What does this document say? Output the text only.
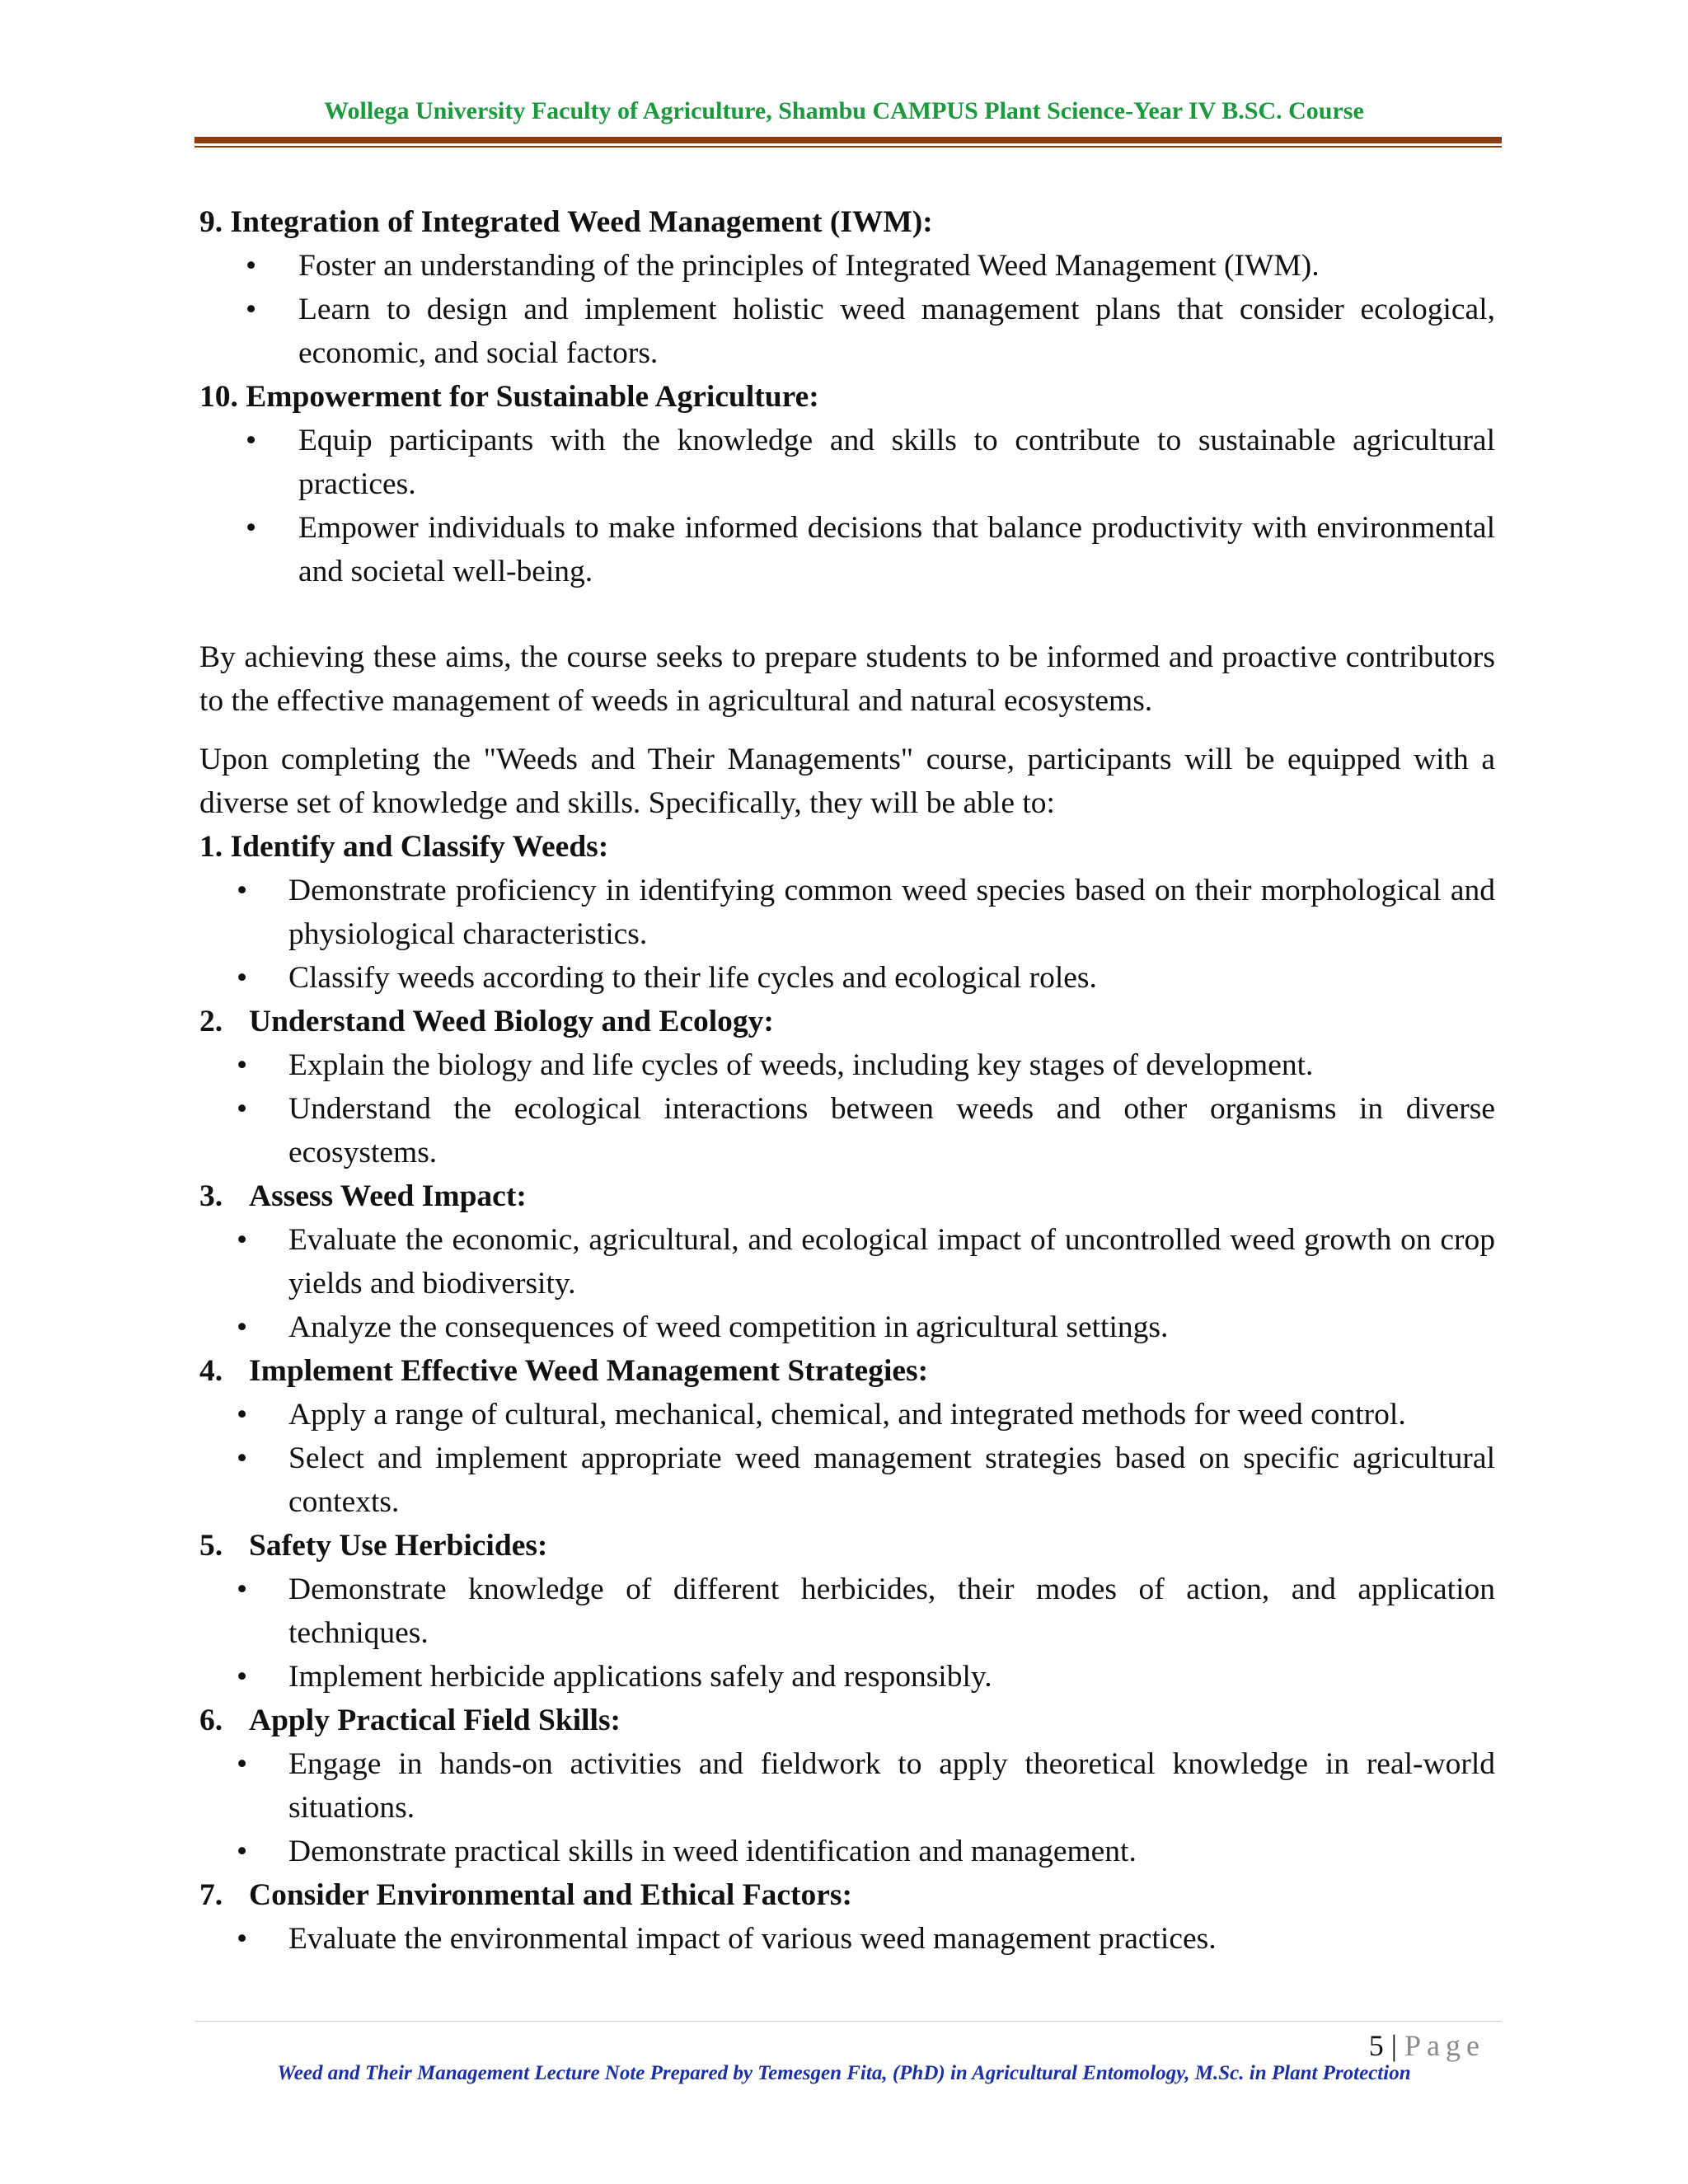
Wollega University Faculty of Agriculture, Shambu CAMPUS Plant Science-Year IV B.SC. Course
9. Integration of Integrated Weed Management (IWM):
• Foster an understanding of the principles of Integrated Weed Management (IWM).
• Learn to design and implement holistic weed management plans that consider ecological, economic, and social factors.
10. Empowerment for Sustainable Agriculture:
• Equip participants with the knowledge and skills to contribute to sustainable agricultural practices.
• Empower individuals to make informed decisions that balance productivity with environmental and societal well-being.

By achieving these aims, the course seeks to prepare students to be informed and proactive contributors to the effective management of weeds in agricultural and natural ecosystems.

Upon completing the "Weeds and Their Managements" course, participants will be equipped with a diverse set of knowledge and skills. Specifically, they will be able to:

1. Identify and Classify Weeds:
• Demonstrate proficiency in identifying common weed species based on their morphological and physiological characteristics.
• Classify weeds according to their life cycles and ecological roles.
2. Understand Weed Biology and Ecology:
• Explain the biology and life cycles of weeds, including key stages of development.
• Understand the ecological interactions between weeds and other organisms in diverse ecosystems.
3. Assess Weed Impact:
• Evaluate the economic, agricultural, and ecological impact of uncontrolled weed growth on crop yields and biodiversity.
• Analyze the consequences of weed competition in agricultural settings.
4. Implement Effective Weed Management Strategies:
• Apply a range of cultural, mechanical, chemical, and integrated methods for weed control.
• Select and implement appropriate weed management strategies based on specific agricultural contexts.
5. Safety Use Herbicides:
• Demonstrate knowledge of different herbicides, their modes of action, and application techniques.
• Implement herbicide applications safely and responsibly.
6. Apply Practical Field Skills:
• Engage in hands-on activities and fieldwork to apply theoretical knowledge in real-world situations.
• Demonstrate practical skills in weed identification and management.
7. Consider Environmental and Ethical Factors:
• Evaluate the environmental impact of various weed management practices.
5 | Page
Weed and Their Management Lecture Note Prepared by Temesgen Fita, (PhD) in Agricultural Entomology, M.Sc. in Plant Protection
